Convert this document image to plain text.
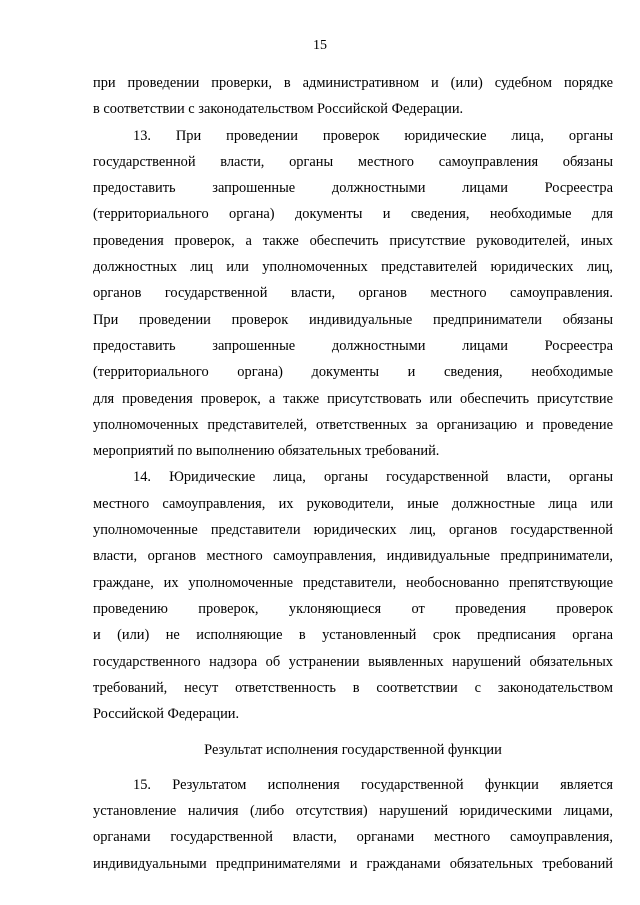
15
при проведении проверки, в административном и (или) судебном порядке
в соответствии с законодательством Российской Федерации.
13. При проведении проверок юридические лица, органы
государственной власти, органы местного самоуправления обязаны
предоставить запрошенные должностными лицами Росреестра
(территориального органа) документы и сведения, необходимые для
проведения проверок, а также обеспечить присутствие руководителей, иных
должностных лиц или уполномоченных представителей юридических лиц,
органов государственной власти, органов местного самоуправления.
При проведении проверок индивидуальные предприниматели обязаны
предоставить запрошенные должностными лицами Росреестра
(территориального органа) документы и сведения, необходимые
для проведения проверок, а также присутствовать или обеспечить присутствие
уполномоченных представителей, ответственных за организацию и проведение
мероприятий по выполнению обязательных требований.
14. Юридические лица, органы государственной власти, органы
местного самоуправления, их руководители, иные должностные лица или
уполномоченные представители юридических лиц, органов государственной
власти, органов местного самоуправления, индивидуальные предприниматели,
граждане, их уполномоченные представители, необоснованно препятствующие
проведению проверок, уклоняющиеся от проведения проверок
и (или) не исполняющие в установленный срок предписания органа
государственного надзора об устранении выявленных нарушений обязательных
требований, несут ответственность в соответствии с законодательством
Российской Федерации.
Результат исполнения государственной функции
15. Результатом исполнения государственной функции является
установление наличия (либо отсутствия) нарушений юридическими лицами,
органами государственной власти, органами местного самоуправления,
индивидуальными предпринимателями и гражданами обязательных требований
